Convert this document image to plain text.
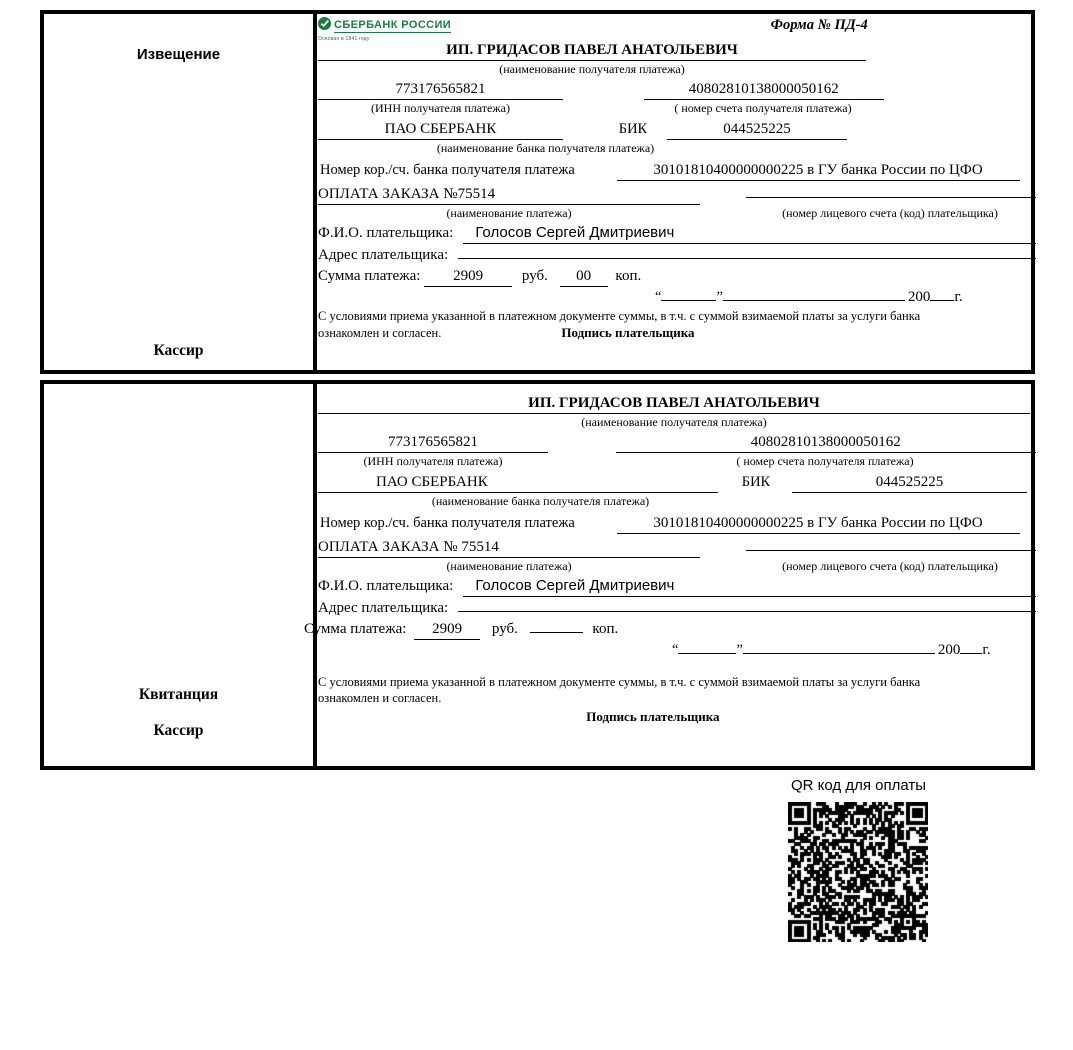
Извещение
Кассир
СБЕРБАНК РОССИИ
Основан в 1841 году
Форма № ПД-4
ИП. ГРИДАСОВ ПАВЕЛ АНАТОЛЬЕВИЧ
(наименование получателя платежа)
773176565821	40802810138000050162
(ИНН получателя платежа)	( номер счета получателя платежа)
ПАО СБЕРБАНК	БИК	044525225
(наименование банка получателя платежа)
Номер кор./сч. банка получателя платежа	30101810400000000225 в ГУ банка России по ЦФО
ОПЛАТА ЗАКАЗА №75514
(наименование платежа)	(номер лицевого счета (код) плательщика)
Ф.И.О. плательщика:	Голосов Сергей Дмитриевич
Адрес плательщика:
Сумма платежа: 2909	руб. 00 коп.
“	”	200 г.
С условиями приема указанной в платежном документе суммы, в т.ч. с суммой взимаемой платы за услуги банка
ознакомлен и согласен.	Подпись плательщика
Квитанция
Кассир
ИП. ГРИДАСОВ ПАВЕЛ АНАТОЛЬЕВИЧ
(наименование получателя платежа)
773176565821	40802810138000050162
(ИНН получателя платежа)	( номер счета получателя платежа)
ПАО СБЕРБАНК	БИК	044525225
(наименование банка получателя платежа)
Номер кор./сч. банка получателя платежа	30101810400000000225 в ГУ банка России по ЦФО
ОПЛАТА ЗАКАЗА № 75514
(наименование платежа)	(номер лицевого счета (код) плательщика)
Ф.И.О. плательщика:	Голосов Сергей Дмитриевич
Адрес плательщика:
Сумма платежа: 2909 руб.	коп.
“	”	200 г.
С условиями приема указанной в платежном документе суммы, в т.ч. с суммой взимаемой платы за услуги банка
ознакомлен и согласен.
Подпись плательщика
QR код для оплаты
